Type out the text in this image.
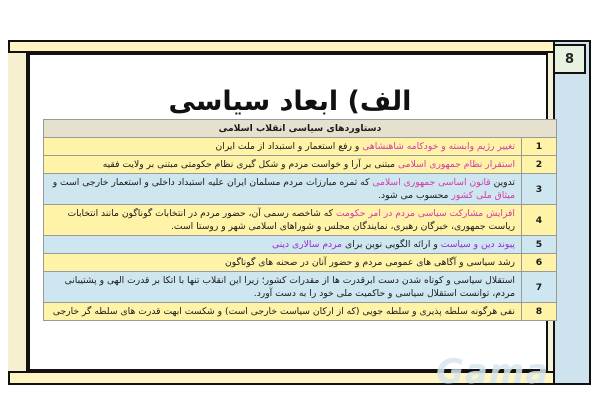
8
الف) ابعاد سیاسی
دستاوردهای سیاسی انقلاب اسلامی	
1	تغییر رژیم وابسته و خودکامه شاهنشاهی و رفع استعمار و استبداد از ملت ایران
2	استقرار نظام جمهوری اسلامی مبتنی بر آرا و خواست مردم و شکل گیری نظام حکومتی مبتنی بر ولایت فقیه
3	تدوین قانون اساسی جمهوری اسلامی که ثمره مبارزات مردم مسلمان ایران علیه استبداد داخلی و استعمار خارجی است و میثاق ملی کشور محسوب می شود.
4	افزایش مشارکت سیاسی مردم در امر حکومت که شاخصه رسمی آن، حضور مردم در انتخابات گوناگون مانند انتخابات ریاست جمهوری، خبرگان رهبری، نمایندگان مجلس و شوراهای اسلامی شهر و روستا است.
5	پیوند دین و سیاست و ارائه الگویی نوین برای مردم سالاری دینی
6	رشد سیاسی و آگاهی های عمومی مردم و حضور آنان در صحنه های گوناگون
7	استقلال سیاسی و کوتاه شدن دست ابرقدرت ها از مقدرات کشور؛ زیرا این انقلاب تنها با اتکا بر قدرت الهی و پشتیبانی مردم، توانست استقلال سیاسی و حاکمیت ملی خود را به دست آورد.
8	نفی هرگونه سلطه پذیری و سلطه جویی (که از ارکان سیاست خارجی است) و شکست ابهت قدرت های سلطه گر خارجی
Gama
